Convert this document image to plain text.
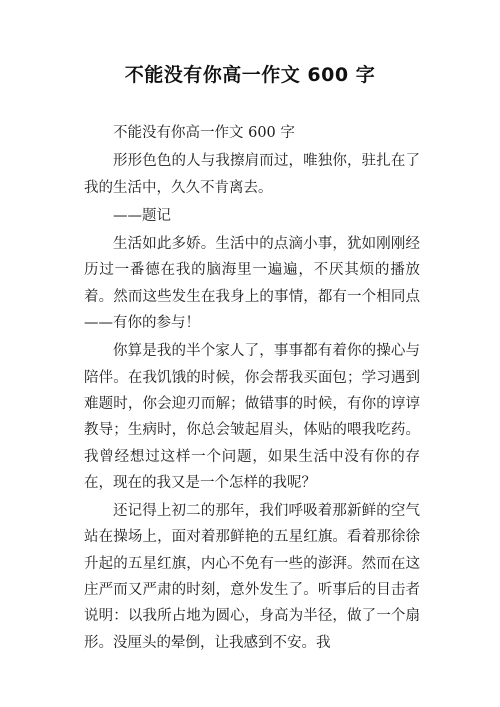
不能没有你高一作文 600 字

不能没有你高一作文 600 字

形形色色的人与我擦肩而过，唯独你，驻扎在了我的生活中，久久不肯离去。

——题记

生活如此多娇。生活中的点滴小事，犹如刚刚经历过一番德在我的脑海里一遍遍，不厌其烦的播放着。然而这些发生在我身上的事情，都有一个相同点——有你的参与！

你算是我的半个家人了，事事都有着你的操心与陪伴。在我饥饿的时候，你会帮我买面包；学习遇到难题时，你会迎刃而解；做错事的时候，有你的谆谆教导；生病时，你总会皱起眉头，体贴的喂我吃药。我曾经想过这样一个问题，如果生活中没有你的存在，现在的我又是一个怎样的我呢？

还记得上初二的那年，我们呼吸着那新鲜的空气站在操场上，面对着那鲜艳的五星红旗。看着那徐徐升起的五星红旗，内心不免有一些的澎湃。然而在这庄严而又严肃的时刻，意外发生了。听事后的目击者说明：以我所占地为圆心，身高为半径，做了一个扇形。没厘头的晕倒，让我感到不安。我
